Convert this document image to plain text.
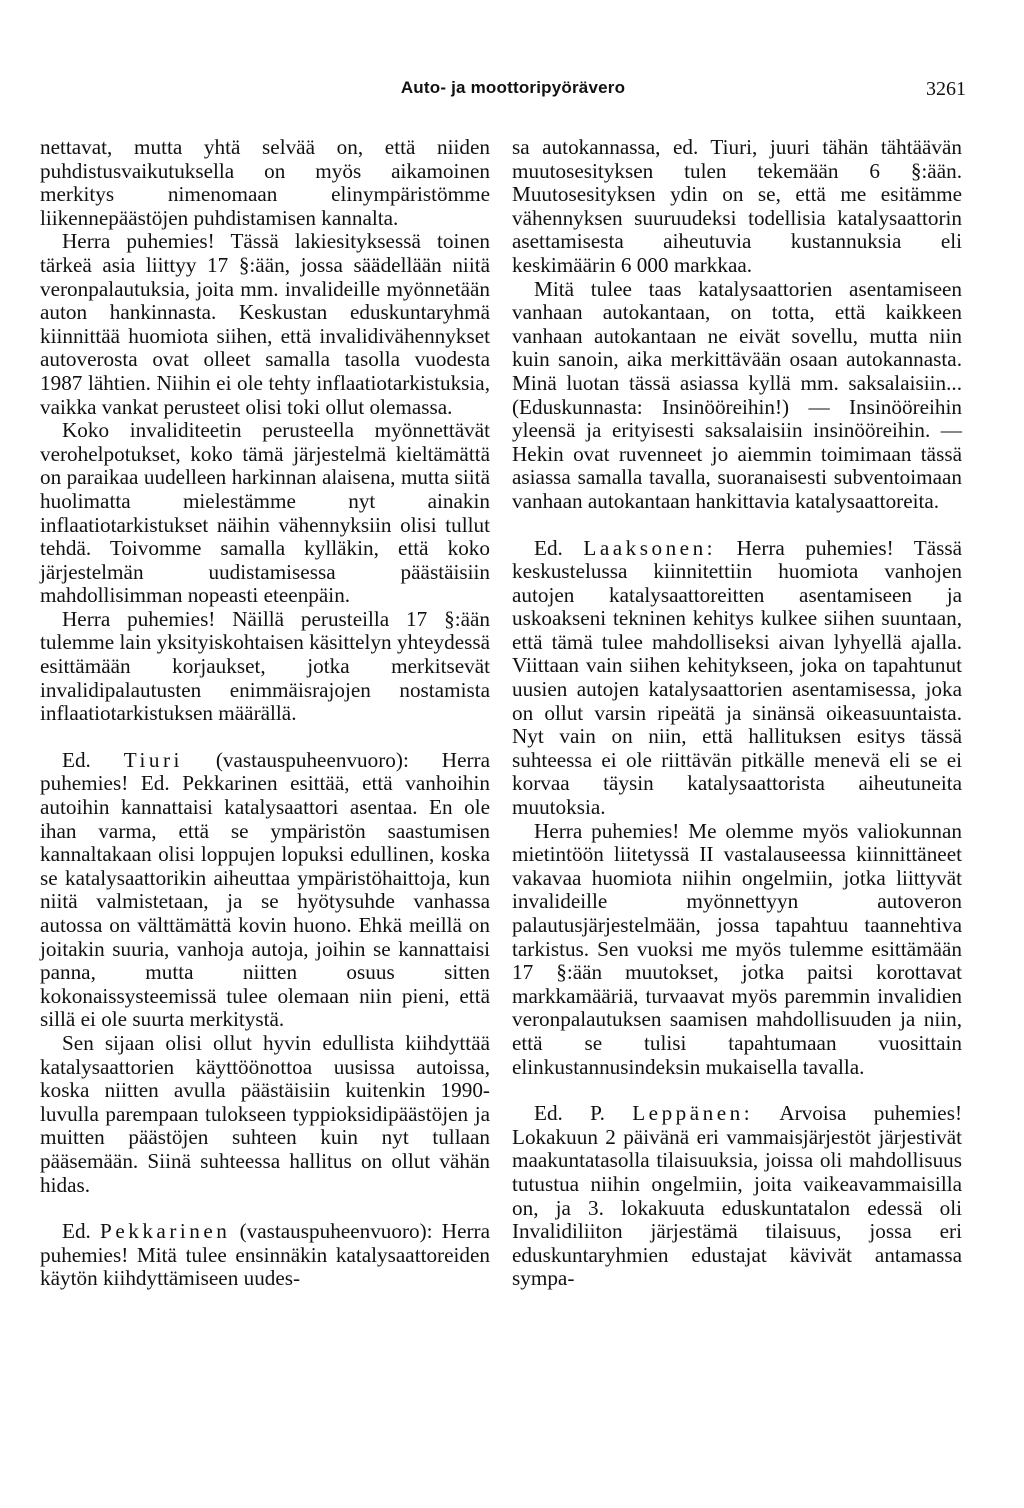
Auto- ja moottoripyörävero	3261

nettavat, mutta yhtä selvää on, että niiden puhdistusvaikutuksella on myös aikamoinen merkitys nimenomaan elinympäristömme liikennepäästöjen puhdistamisen kannalta.

Herra puhemies! Tässä lakiesityksessä toinen tärkeä asia liittyy 17 §:ään, jossa säädellään niitä veronpalautuksia, joita mm. invalideille myönnetään auton hankinnasta. Keskustan eduskuntaryhmä kiinnittää huomiota siihen, että invalidivähennykset autoverosta ovat olleet samalla tasolla vuodesta 1987 lähtien. Niihin ei ole tehty inflaatiotarkistuksia, vaikka vankat perusteet olisi toki ollut olemassa.

Koko invaliditeetin perusteella myönnettävät verohelpotukset, koko tämä järjestelmä kieltämättä on paraikaa uudelleen harkinnan alaisena, mutta siitä huolimatta mielestämme nyt ainakin inflaatiotarkistukset näihin vähennyksiin olisi tullut tehdä. Toivomme samalla kylläkin, että koko järjestelmän uudistamisessa päästäisiin mahdollisimman nopeasti eteenpäin.

Herra puhemies! Näillä perusteilla 17 §:ään tulemme lain yksityiskohtaisen käsittelyn yhteydessä esittämään korjaukset, jotka merkitsevät invalidipalautusten enimmäisrajojen nostamista inflaatiotarkistuksen määrällä.

Ed. Tiuri (vastauspuheenvuoro): Herra puhemies! Ed. Pekkarinen esittää, että vanhoihin autoihin kannattaisi katalysaattori asentaa. En ole ihan varma, että se ympäristön saastumisen kannaltakaan olisi loppujen lopuksi edullinen, koska se katalysaattorikin aiheuttaa ympäristöhaittoja, kun niitä valmistetaan, ja se hyötysuhde vanhassa autossa on välttämättä kovin huono. Ehkä meillä on joitakin suuria, vanhoja autoja, joihin se kannattaisi panna, mutta niitten osuus sitten kokonaissysteemissä tulee olemaan niin pieni, että sillä ei ole suurta merkitystä.

Sen sijaan olisi ollut hyvin edullista kiihdyttää katalysaattorien käyttöönottoa uusissa autoissa, koska niitten avulla päästäisiin kuitenkin 1990-luvulla parempaan tulokseen typpioksidipäästöjen ja muitten päästöjen suhteen kuin nyt tullaan pääsemään. Siinä suhteessa hallitus on ollut vähän hidas.

Ed. Pekkarinen (vastauspuheenvuoro): Herra puhemies! Mitä tulee ensinnäkin katalysaattoreiden käytön kiihdyttämiseen uudes-

sa autokannassa, ed. Tiuri, juuri tähän tähtäävän muutosesityksen tulen tekemään 6 §:ään. Muutosesityksen ydin on se, että me esitämme vähennyksen suuruudeksi todellisia katalysaattorin asettamisesta aiheutuvia kustannuksia eli keskimäärin 6 000 markkaa.

Mitä tulee taas katalysaattorien asentamiseen vanhaan autokantaan, on totta, että kaikkeen vanhaan autokantaan ne eivät sovellu, mutta niin kuin sanoin, aika merkittävään osaan autokannasta. Minä luotan tässä asiassa kyllä mm. saksalaisiin... (Eduskunnasta: Insinööreihin!) — Insinööreihin yleensä ja erityisesti saksalaisiin insinööreihin. — Hekin ovat ruvenneet jo aiemmin toimimaan tässä asiassa samalla tavalla, suoranaisesti subventoimaan vanhaan autokantaan hankittavia katalysaattoreita.

Ed. Laaksonen: Herra puhemies! Tässä keskustelussa kiinnitettiin huomiota vanhojen autojen katalysaattoreitten asentamiseen ja uskoakseni tekninen kehitys kulkee siihen suuntaan, että tämä tulee mahdolliseksi aivan lyhyellä ajalla. Viittaan vain siihen kehitykseen, joka on tapahtunut uusien autojen katalysaattorien asentamisessa, joka on ollut varsin ripeätä ja sinänsä oikeasuuntaista. Nyt vain on niin, että hallituksen esitys tässä suhteessa ei ole riittävän pitkälle menevä eli se ei korvaa täysin katalysaattorista aiheutuneita muutoksia.

Herra puhemies! Me olemme myös valiokunnan mietintöön liitetyssä II vastalauseessa kiinnittäneet vakavaa huomiota niihin ongelmiin, jotka liittyvät invalideille myönnettyyn autoveron palautusjärjestelmään, jossa tapahtuu taannehtiva tarkistus. Sen vuoksi me myös tulemme esittämään 17 §:ään muutokset, jotka paitsi korottavat markkamääriä, turvaavat myös paremmin invalidien veronpalautuksen saamisen mahdollisuuden ja niin, että se tulisi tapahtumaan vuosittain elinkustannusindeksin mukaisella tavalla.

Ed. P. Leppänen: Arvoisa puhemies! Lokakuun 2 päivänä eri vammaisjärjestöt järjestivät maakuntatasolla tilaisuuksia, joissa oli mahdollisuus tutustua niihin ongelmiin, joita vaikeavammaisilla on, ja 3. lokakuuta eduskuntatalon edessä oli Invalidiliiton järjestämä tilaisuus, jossa eri eduskuntaryhmien edustajat kävivät antamassa sympa-
